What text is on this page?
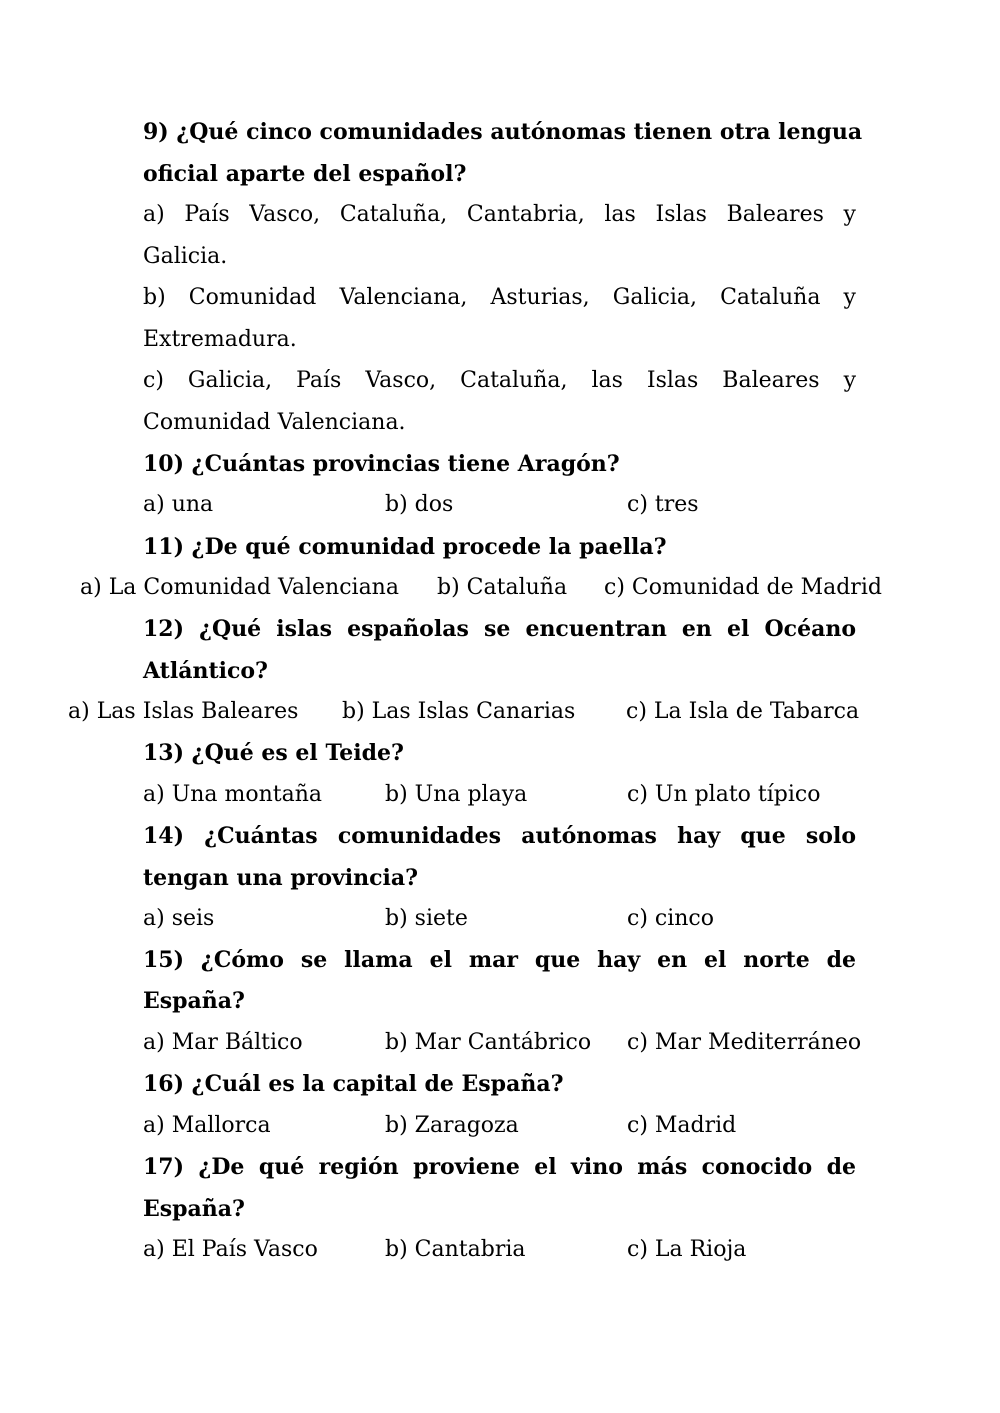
9) ¿Qué cinco comunidades autónomas tienen otra lengua
oficial aparte del español?
a) País Vasco, Cataluña, Cantabria, las Islas Baleares y
Galicia.
b) Comunidad Valenciana, Asturias, Galicia, Cataluña y
Extremadura.
c) Galicia, País Vasco, Cataluña, las Islas Baleares y
Comunidad Valenciana.
10) ¿Cuántas provincias tiene Aragón?
a) una	b) dos	c) tres
11) ¿De qué comunidad procede la paella?
a) La Comunidad Valenciana b) Cataluña c) Comunidad de Madrid
12) ¿Qué islas españolas se encuentran en el Océano
Atlántico?
a) Las Islas Baleares b) Las Islas Canarias c) La Isla de Tabarca
13) ¿Qué es el Teide?
a) Una montaña	b) Una playa	c) Un plato típico
14) ¿Cuántas comunidades autónomas hay que solo
tengan una provincia?
a) seis	b) siete	c) cinco
15) ¿Cómo se llama el mar que hay en el norte de
España?
a) Mar Báltico	b) Mar Cantábrico c) Mar Mediterráneo
16) ¿Cuál es la capital de España?
a) Mallorca	b) Zaragoza	c) Madrid
17) ¿De qué región proviene el vino más conocido de
España?
a) El País Vasco	b) Cantabria	c) La Rioja
